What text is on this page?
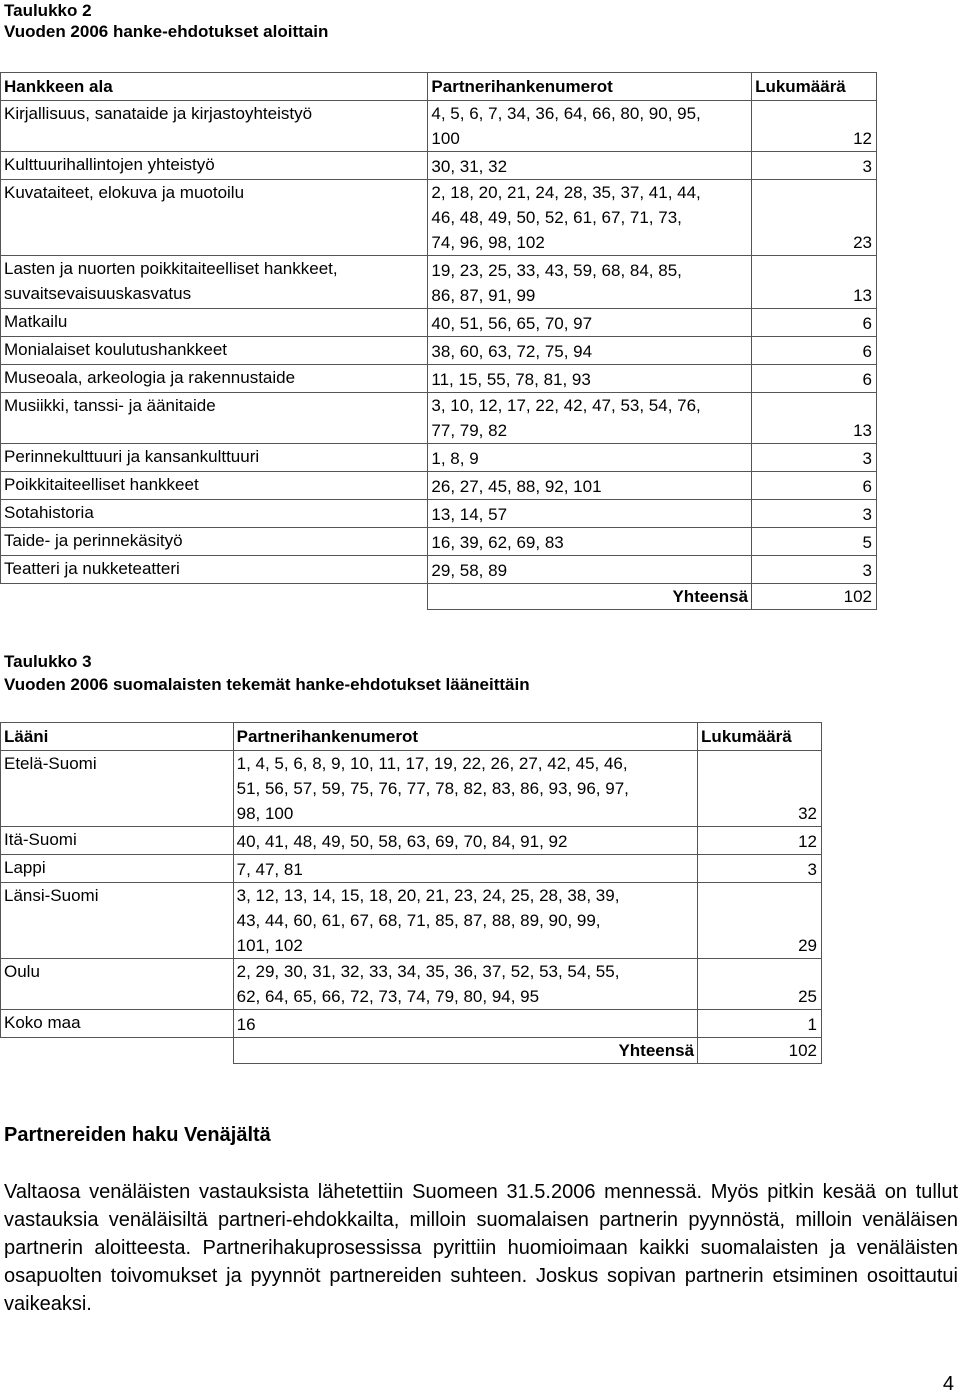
Taulukko 2
Vuoden 2006 hanke-ehdotukset aloittain
Hankkeen ala	Partnerihankenumerot	Lukumäärä
Kirjallisuus, sanataide ja kirjastoyhteistyö	4, 5, 6, 7, 34, 36, 64, 66, 80, 90, 95,
100	12
Kulttuurihallintojen yhteistyö	30, 31, 32	3
Kuvataiteet, elokuva ja muotoilu	2, 18, 20, 21, 24, 28, 35, 37, 41, 44,
46, 48, 49, 50, 52, 61, 67, 71, 73,
74, 96, 98, 102	23
Lasten ja nuorten poikkitaiteelliset hankkeet,
suvaitsevaisuuskasvatus	19, 23, 25, 33, 43, 59, 68, 84, 85,
86, 87, 91, 99	13
Matkailu	40, 51, 56, 65, 70, 97	6
Monialaiset koulutushankkeet	38, 60, 63, 72, 75, 94	6
Museoala, arkeologia ja rakennustaide	11, 15, 55, 78, 81, 93	6
Musiikki, tanssi- ja äänitaide	3, 10, 12, 17, 22, 42, 47, 53, 54, 76,
77, 79, 82	13
Perinnekulttuuri ja kansankulttuuri	1, 8, 9	3
Poikkitaiteelliset hankkeet	26, 27, 45, 88, 92, 101	6
Sotahistoria	13, 14, 57	3
Taide- ja perinnekäsityö	16, 39, 62, 69, 83	5
Teatteri ja nukketeatteri	29, 58, 89	3
	Yhteensä	102
Taulukko 3
Vuoden 2006 suomalaisten tekemät hanke-ehdotukset lääneittäin
Lääni	Partnerihankenumerot	Lukumäärä
Etelä-Suomi	1, 4, 5, 6, 8, 9, 10, 11, 17, 19, 22, 26, 27, 42, 45, 46,
51, 56, 57, 59, 75, 76, 77, 78, 82, 83, 86, 93, 96, 97,
98, 100	32
Itä-Suomi	40, 41, 48, 49, 50, 58, 63, 69, 70, 84, 91, 92	12
Lappi	7, 47, 81	3
Länsi-Suomi	3, 12, 13, 14, 15, 18, 20, 21, 23, 24, 25, 28, 38, 39,
43, 44, 60, 61, 67, 68, 71, 85, 87, 88, 89, 90, 99,
101, 102	29
Oulu	2, 29, 30, 31, 32, 33, 34, 35, 36, 37, 52, 53, 54, 55,
62, 64, 65, 66, 72, 73, 74, 79, 80, 94, 95	25
Koko maa	16	1
	Yhteensä	102
Partnereiden haku Venäjältä
Valtaosa venäläisten vastauksista lähetettiin Suomeen 31.5.2006 mennessä. Myös pitkin kesää on tullut vastauksia venäläisiltä partneri-ehdokkailta, milloin suomalaisen partnerin pyynnöstä, milloin venäläisen partnerin aloitteesta. Partnerihakuprosessissa pyrittiin huomioimaan kaikki suomalaisten ja venäläisten osapuolten toivomukset ja pyynnöt partnereiden suhteen. Joskus sopivan partnerin etsiminen osoittautui vaikeaksi.
4
